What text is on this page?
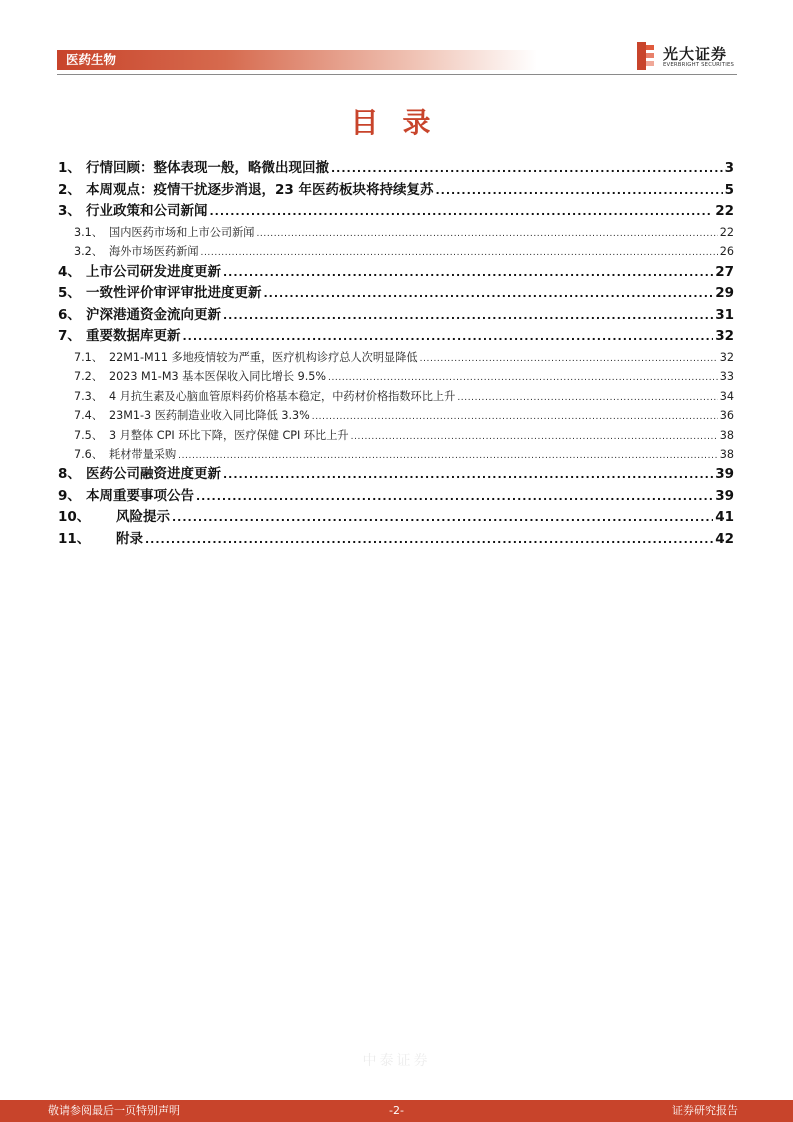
医药生物	光大证券
EVERBRIGHT SECURITIES
目录
1、 行情回顾：整体表现一般，略微出现回撤 .....	3
2、 本周观点：疫情干扰逐步消退，23 年医药板块将持续复苏 .....	5
3、 行业政策和公司新闻 .....	22
3.1、 国内医药市场和上市公司新闻 .....	22
3.2、 海外市场医药新闻 .....	26
4、 上市公司研发进度更新 .....	27
5、 一致性评价审评审批进度更新 .....	29
6、 沪深港通资金流向更新 .....	31
7、 重要数据库更新 .....	32
7.1、 22M1-M11 多地疫情较为严重，医疗机构诊疗总人次明显降低 .....	32
7.2、 2023 M1-M3 基本医保收入同比增长 9.5% .....	33
7.3、 4 月抗生素及心脑血管原料药价格基本稳定，中药材价格指数环比上升 .....	34
7.4、 23M1-3 医药制造业收入同比降低 3.3% .....	36
7.5、 3 月整体 CPI 环比下降，医疗保健 CPI 环比上升 .....	38
7.6、 耗材带量采购 .....	38
8、 医药公司融资进度更新 .....	39
9、 本周重要事项公告 .....	39
10、	风险提示 .....	41
11、	附录 .....	42
中泰证券
敬请参阅最后一页特别声明	-2-	证券研究报告
